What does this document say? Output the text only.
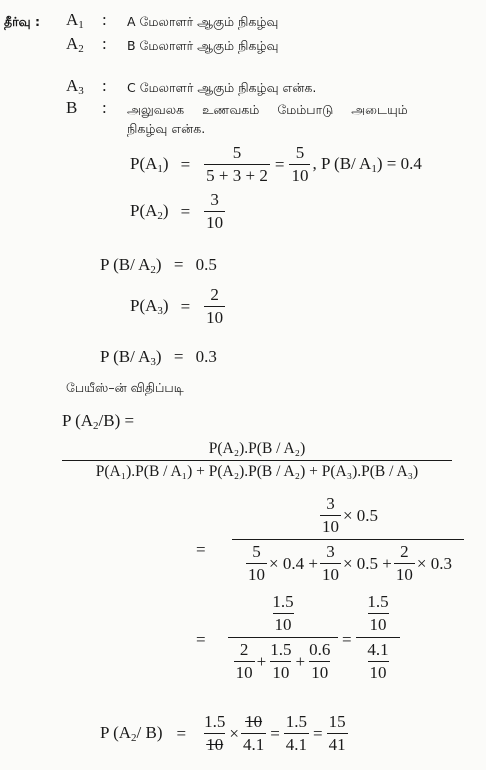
தீர்வு : $A_1$ : A மேலாளர் ஆகும் நிகழ்வு
$A_2$ : B மேலாளர் ஆகும் நிகழ்வு
$A_3$ : C மேலாளர் ஆகும் நிகழ்வு என்க.
B : அலுவலக உணவகம் மேம்பாடு அடையும்
நிகழ்வு என்க.
$P(A_1) = \frac{5}{5 + 3 + 2} = \frac{5}{10}$ , P (B/ $A_1) = 0.4$
$P(A_2) = \frac{3}{10}$
P (B/ $A_2) = 0.5$
$P(A_3) = \frac{2}{10}$
P (B/ $A_3) = 0.3$
பேயீஸ்–ன் விதிப்படி
P $(A_2/B)$ =
$\frac{\text{P(A₂).P(B / A₂)}}{\text{P(A₁).P(B / A₁) + P(A₂).P(B / A₂) + P(A₃).P(B / A₃)}}$
= $\frac{\frac{3}{10} \times 0.5}{\frac{5}{10} \times 0.4 + \frac{3}{10} \times 0.5 + \frac{2}{10} \times 0.3}$
= $\frac{\frac{1.5}{10}}{\frac{2}{10} + \frac{1.5}{10} + \frac{0.6}{10}} = \frac{\frac{1.5}{10}}{\frac{4.1}{10}}$
P ($A_2/$ $B) = \frac{1.5}{10} \times \frac{10}{4.1} = \frac{1.5}{4.1} = \frac{15}{41}$
